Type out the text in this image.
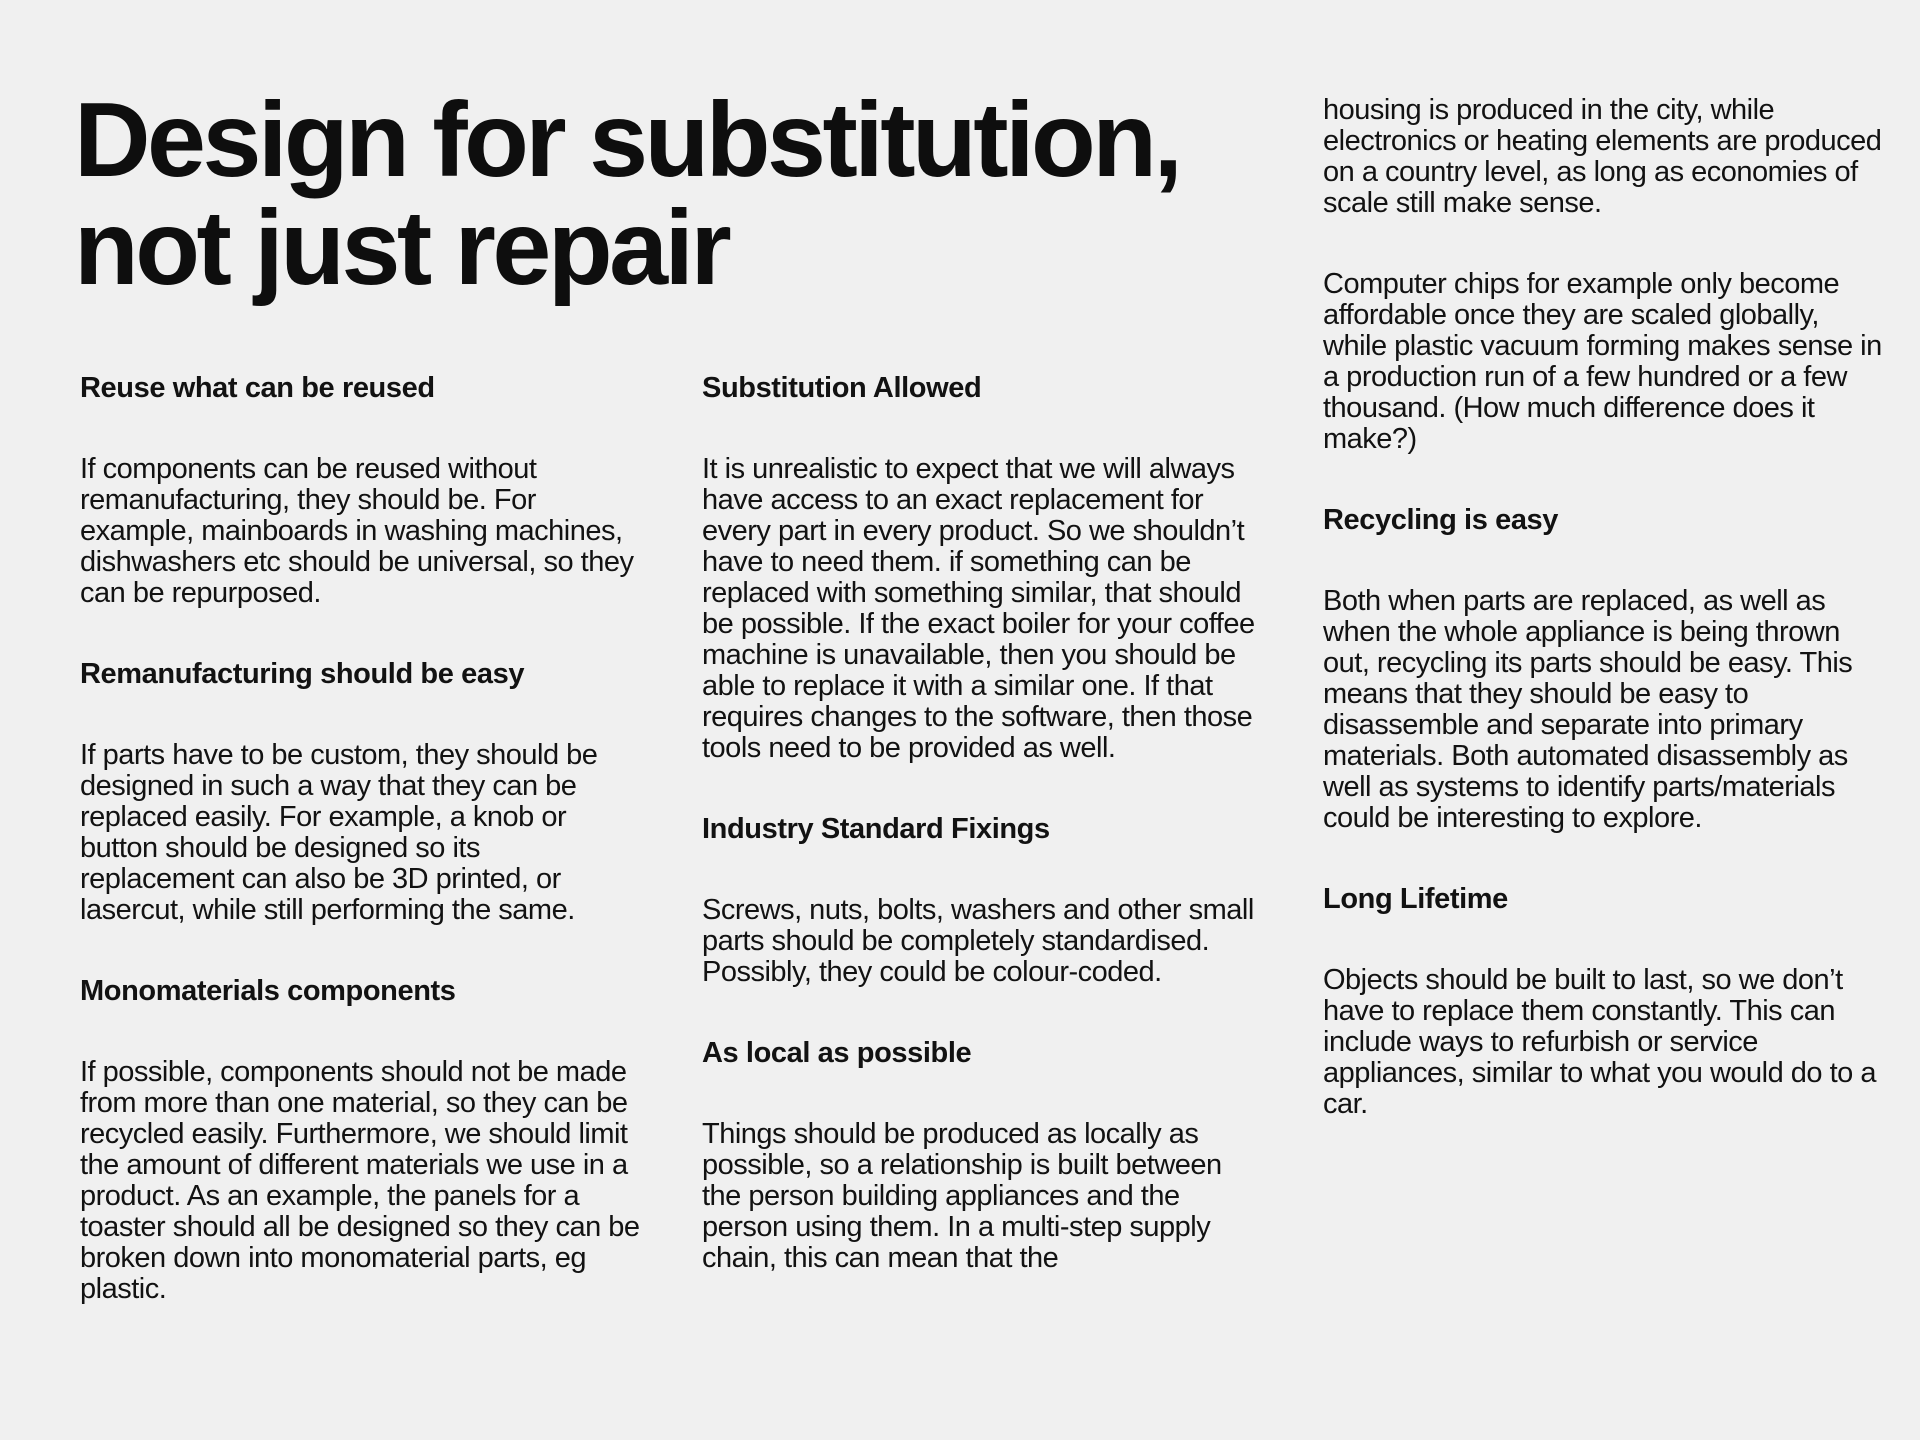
Design for substitution, not just repair
Reuse what can be reused

If components can be reused without remanufacturing, they should be. For example, mainboards in washing machines, dishwashers etc should be universal, so they can be repurposed.

Remanufacturing should be easy

If parts have to be custom, they should be designed in such a way that they can be replaced easily. For example, a knob or button should be designed so its replacement can also be 3D printed, or lasercut, while still performing the same.

Monomaterials components

If possible, components should not be made from more than one material, so they can be recycled easily. Furthermore, we should limit the amount of different materials we use in a product. As an example, the panels for a toaster should all be designed so they can be broken down into monomaterial parts, eg plastic.

Substitution Allowed

It is unrealistic to expect that we will always have access to an exact replacement for every part in every product. So we shouldn’t have to need them. if something can be replaced with something similar, that should be possible. If the exact boiler for your coffee machine is unavailable, then you should be able to replace it with a similar one. If that requires changes to the software, then those tools need to be provided as well.

Industry Standard Fixings

Screws, nuts, bolts, washers and other small parts should be completely standardised. Possibly, they could be colour-coded.

As local as possible

Things should be produced as locally as possible, so a relationship is built between the person building appliances and the person using them. In a multi-step supply chain, this can mean that the

housing is produced in the city, while electronics or heating elements are produced on a country level, as long as economies of scale still make sense.

Computer chips for example only become affordable once they are scaled globally, while plastic vacuum forming makes sense in a production run of a few hundred or a few thousand. (How much difference does it make?)

Recycling is easy

Both when parts are replaced, as well as when the whole appliance is being thrown out, recycling its parts should be easy. This means that they should be easy to disassemble and separate into primary materials. Both automated disassembly as well as systems to identify parts/materials could be interesting to explore.

Long Lifetime

Objects should be built to last, so we don’t have to replace them constantly. This can include ways to refurbish or service appliances, similar to what you would do to a car.
